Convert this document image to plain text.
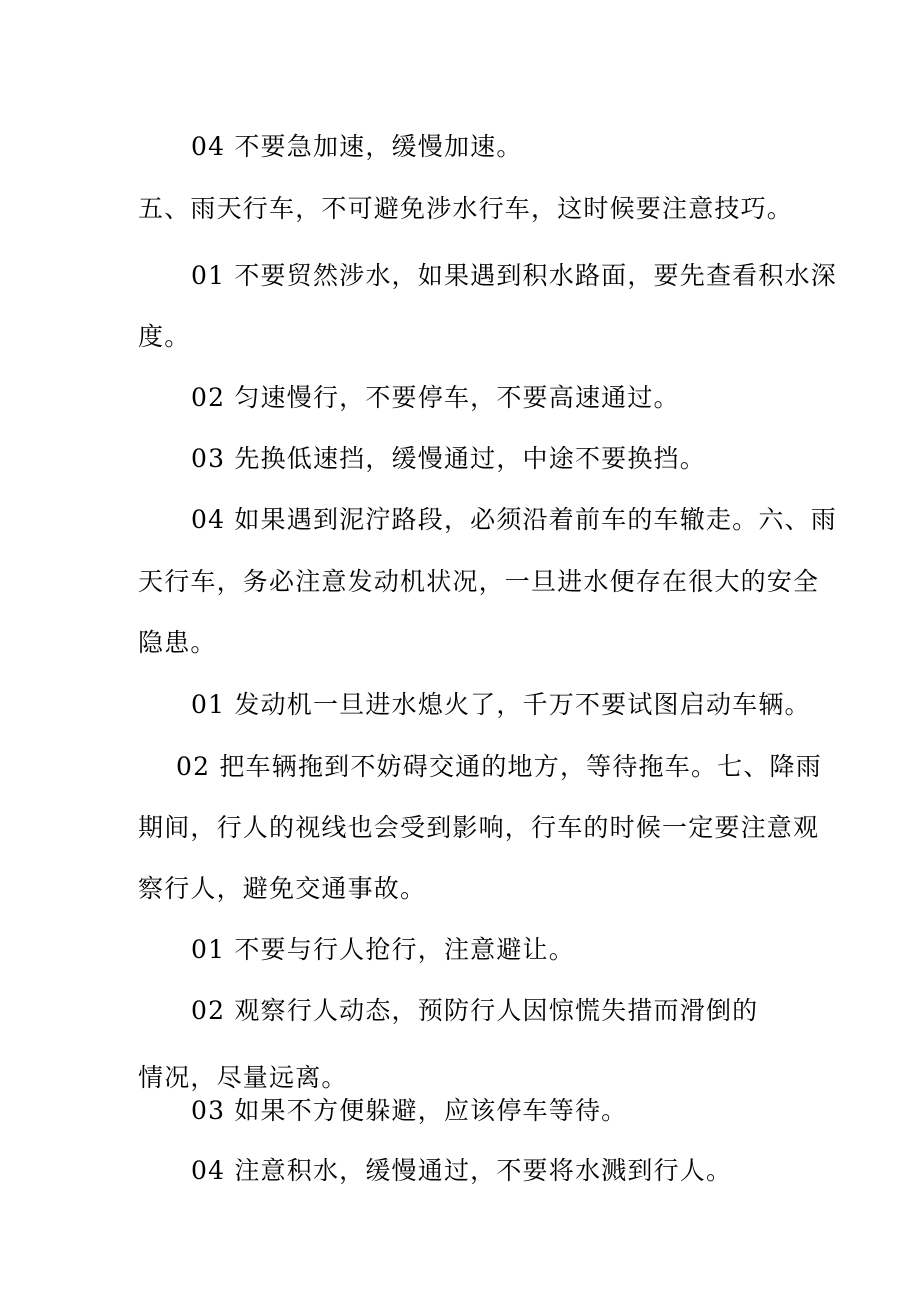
04 不要急加速，缓慢加速。
五、雨天行车，不可避免涉水行车，这时候要注意技巧。
01 不要贸然涉水，如果遇到积水路面，要先查看积水深
度。
02 匀速慢行，不要停车，不要高速通过。
03 先换低速挡，缓慢通过，中途不要换挡。
04 如果遇到泥泞路段，必须沿着前车的车辙走。六、雨
天行车，务必注意发动机状况，一旦进水便存在很大的安全
隐患。
01 发动机一旦进水熄火了，千万不要试图启动车辆。
02 把车辆拖到不妨碍交通的地方，等待拖车。七、降雨
期间，行人的视线也会受到影响，行车的时候一定要注意观
察行人，避免交通事故。
01 不要与行人抢行，注意避让。
02 观察行人动态，预防行人因惊慌失措而滑倒的
情况，尽量远离。
03 如果不方便躲避，应该停车等待。
04 注意积水，缓慢通过，不要将水溅到行人。
